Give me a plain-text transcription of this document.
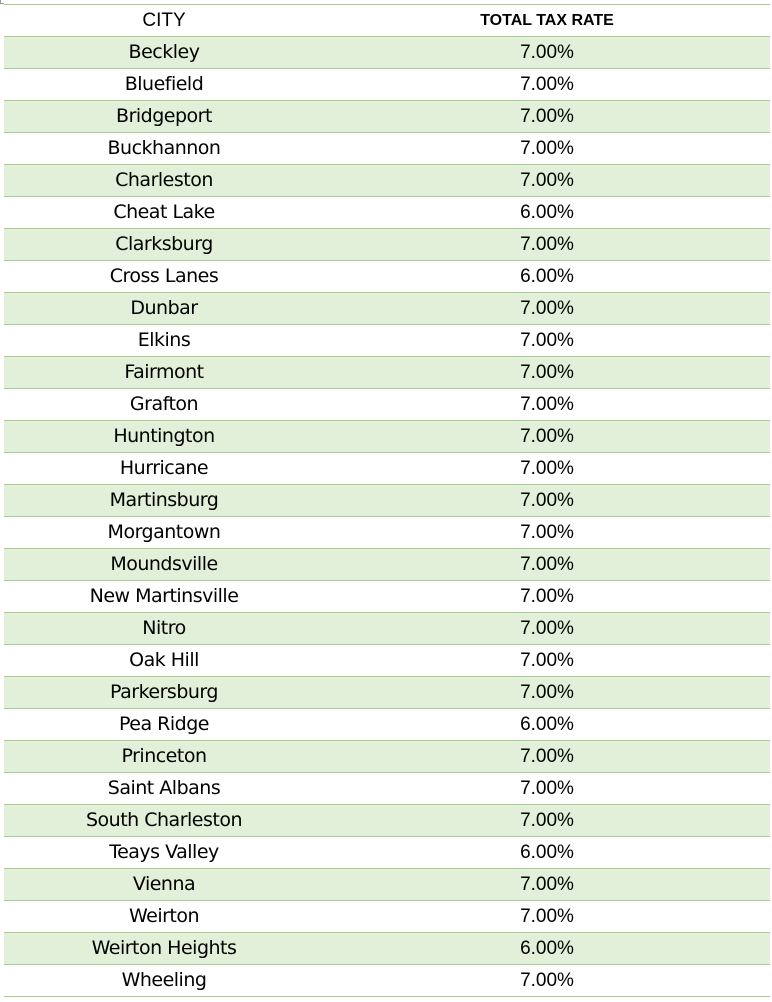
CITY	TOTAL TAX RATE
Beckley	7.00%
Bluefield	7.00%
Bridgeport	7.00%
Buckhannon	7.00%
Charleston	7.00%
Cheat Lake	6.00%
Clarksburg	7.00%
Cross Lanes	6.00%
Dunbar	7.00%
Elkins	7.00%
Fairmont	7.00%
Grafton	7.00%
Huntington	7.00%
Hurricane	7.00%
Martinsburg	7.00%
Morgantown	7.00%
Moundsville	7.00%
New Martinsville	7.00%
Nitro	7.00%
Oak Hill	7.00%
Parkersburg	7.00%
Pea Ridge	6.00%
Princeton	7.00%
Saint Albans	7.00%
South Charleston	7.00%
Teays Valley	6.00%
Vienna	7.00%
Weirton	7.00%
Weirton Heights	6.00%
Wheeling	7.00%
